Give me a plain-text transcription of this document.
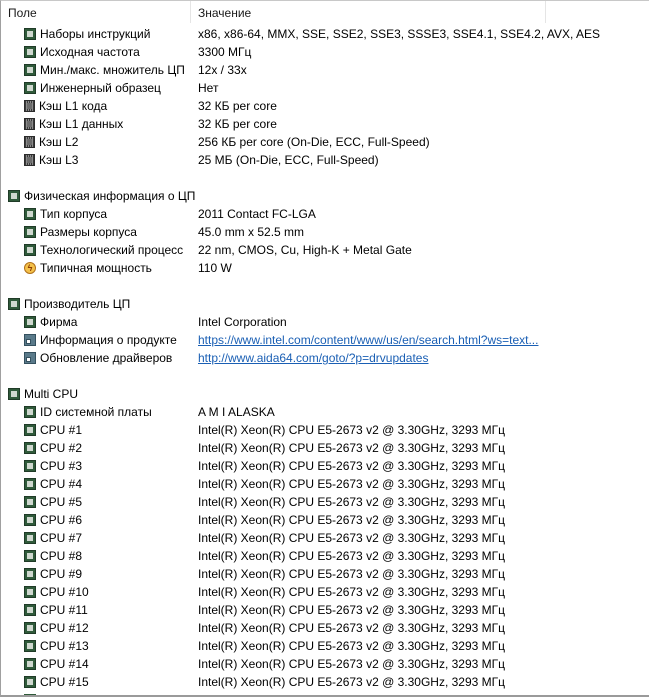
Поле	Значение
Наборы инструкций	x86, x86-64, MMX, SSE, SSE2, SSE3, SSSE3, SSE4.1, SSE4.2, AVX, AES
Исходная частота	3300 МГц
Мин./макс. множитель ЦП	12x / 33x
Инженерный образец	Нет
Кэш L1 кода	32 КБ per core
Кэш L1 данных	32 КБ per core
Кэш L2	256 КБ per core (On-Die, ECC, Full-Speed)
Кэш L3	25 МБ (On-Die, ECC, Full-Speed)
Физическая информация о ЦП
Тип корпуса	2011 Contact FC-LGA
Размеры корпуса	45.0 mm x 52.5 mm
Технологический процесс	22 nm, CMOS, Cu, High-K + Metal Gate
ϟ Типичная мощность	110 W
Производитель ЦП
Фирма	Intel Corporation
Информация о продукте	https://www.intel.com/content/www/us/en/search.html?ws=text...
Обновление драйверов	http://www.aida64.com/goto/?p=drvupdates
Multi CPU
ID системной платы	A M I ALASKA
CPU #1	Intel(R) Xeon(R) CPU E5-2673 v2 @ 3.30GHz, 3293 МГц
CPU #2	Intel(R) Xeon(R) CPU E5-2673 v2 @ 3.30GHz, 3293 МГц
CPU #3	Intel(R) Xeon(R) CPU E5-2673 v2 @ 3.30GHz, 3293 МГц
CPU #4	Intel(R) Xeon(R) CPU E5-2673 v2 @ 3.30GHz, 3293 МГц
CPU #5	Intel(R) Xeon(R) CPU E5-2673 v2 @ 3.30GHz, 3293 МГц
CPU #6	Intel(R) Xeon(R) CPU E5-2673 v2 @ 3.30GHz, 3293 МГц
CPU #7	Intel(R) Xeon(R) CPU E5-2673 v2 @ 3.30GHz, 3293 МГц
CPU #8	Intel(R) Xeon(R) CPU E5-2673 v2 @ 3.30GHz, 3293 МГц
CPU #9	Intel(R) Xeon(R) CPU E5-2673 v2 @ 3.30GHz, 3293 МГц
CPU #10	Intel(R) Xeon(R) CPU E5-2673 v2 @ 3.30GHz, 3293 МГц
CPU #11	Intel(R) Xeon(R) CPU E5-2673 v2 @ 3.30GHz, 3293 МГц
CPU #12	Intel(R) Xeon(R) CPU E5-2673 v2 @ 3.30GHz, 3293 МГц
CPU #13	Intel(R) Xeon(R) CPU E5-2673 v2 @ 3.30GHz, 3293 МГц
CPU #14	Intel(R) Xeon(R) CPU E5-2673 v2 @ 3.30GHz, 3293 МГц
CPU #15	Intel(R) Xeon(R) CPU E5-2673 v2 @ 3.30GHz, 3293 МГц
